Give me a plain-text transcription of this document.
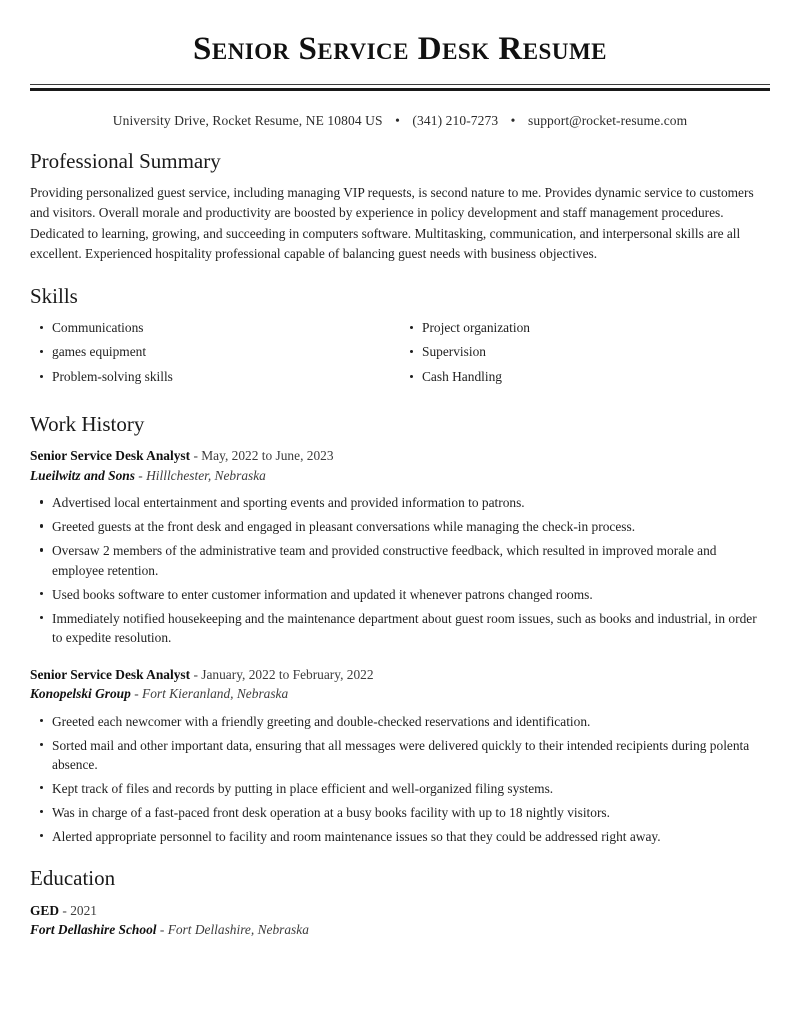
Senior Service Desk Resume
University Drive, Rocket Resume, NE 10804 US • (341) 210-7273 • support@rocket-resume.com
Professional Summary

Providing personalized guest service, including managing VIP requests, is second nature to me. Provides dynamic service to customers and visitors. Overall morale and productivity are boosted by experience in policy development and staff management procedures. Dedicated to learning, growing, and succeeding in computers software. Multitasking, communication, and interpersonal skills are all excellent. Experienced hospitality professional capable of balancing guest needs with business objectives.

Skills
Communications
games equipment
Problem-solving skills
Project organization
Supervision
Cash Handling
Work History
Senior Service Desk Analyst - May, 2022 to June, 2023
Lueilwitz and Sons - Hilllchester, Nebraska
Advertised local entertainment and sporting events and provided information to patrons.
Greeted guests at the front desk and engaged in pleasant conversations while managing the check-in process.
Oversaw 2 members of the administrative team and provided constructive feedback, which resulted in improved morale and employee retention.
Used books software to enter customer information and updated it whenever patrons changed rooms.
Immediately notified housekeeping and the maintenance department about guest room issues, such as books and industrial, in order to expedite resolution.
Senior Service Desk Analyst - January, 2022 to February, 2022
Konopelski Group - Fort Kieranland, Nebraska
Greeted each newcomer with a friendly greeting and double-checked reservations and identification.
Sorted mail and other important data, ensuring that all messages were delivered quickly to their intended recipients during polenta absence.
Kept track of files and records by putting in place efficient and well-organized filing systems.
Was in charge of a fast-paced front desk operation at a busy books facility with up to 18 nightly visitors.
Alerted appropriate personnel to facility and room maintenance issues so that they could be addressed right away.
Education
GED - 2021
Fort Dellashire School - Fort Dellashire, Nebraska
